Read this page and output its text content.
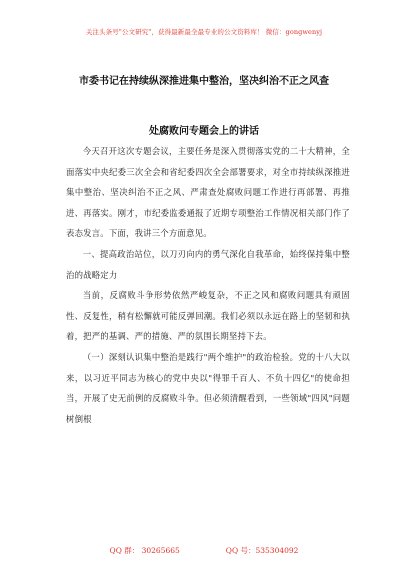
关注头条号"公文研究"，获得最新最全最专业的公文资料库！ 微信：gongwenyj
市委书记在持续纵深推进集中整治，坚决纠治不正之风查
处腐败问专题会上的讲话

今天召开这次专题会议，主要任务是深入贯彻落实党的二十大精神，全面落实中央纪委三次全会和省纪委四次全会部署要求，对全市持续纵深推进集中整治、坚决纠治不正之风、严肃查处腐败问题工作进行再部署、再推进、再落实。刚才，市纪委监委通报了近期专项整治工作情况相关部门作了表态发言。下面，我讲三个方面意见。

一、提高政治站位，以刀刃向内的勇气深化自我革命，始终保持集中整治的战略定力

当前，反腐败斗争形势依然严峻复杂，不正之风和腐败问题具有顽固性、反复性，稍有松懈就可能反弹回潮。我们必须以永远在路上的坚韧和执着，把严的基调、严的措施、严的氛围长期坚持下去。

（一）深刻认识集中整治是践行"两个维护"的政治检验。党的十八大以来，以习近平同志为核心的党中央以"得罪千百人、不负十四亿"的使命担当，开展了史无前例的反腐败斗争。但必须清醒看到，一些领域"四风"问题树倒根

QQ 群： 30265665	QQ 号：535304092
